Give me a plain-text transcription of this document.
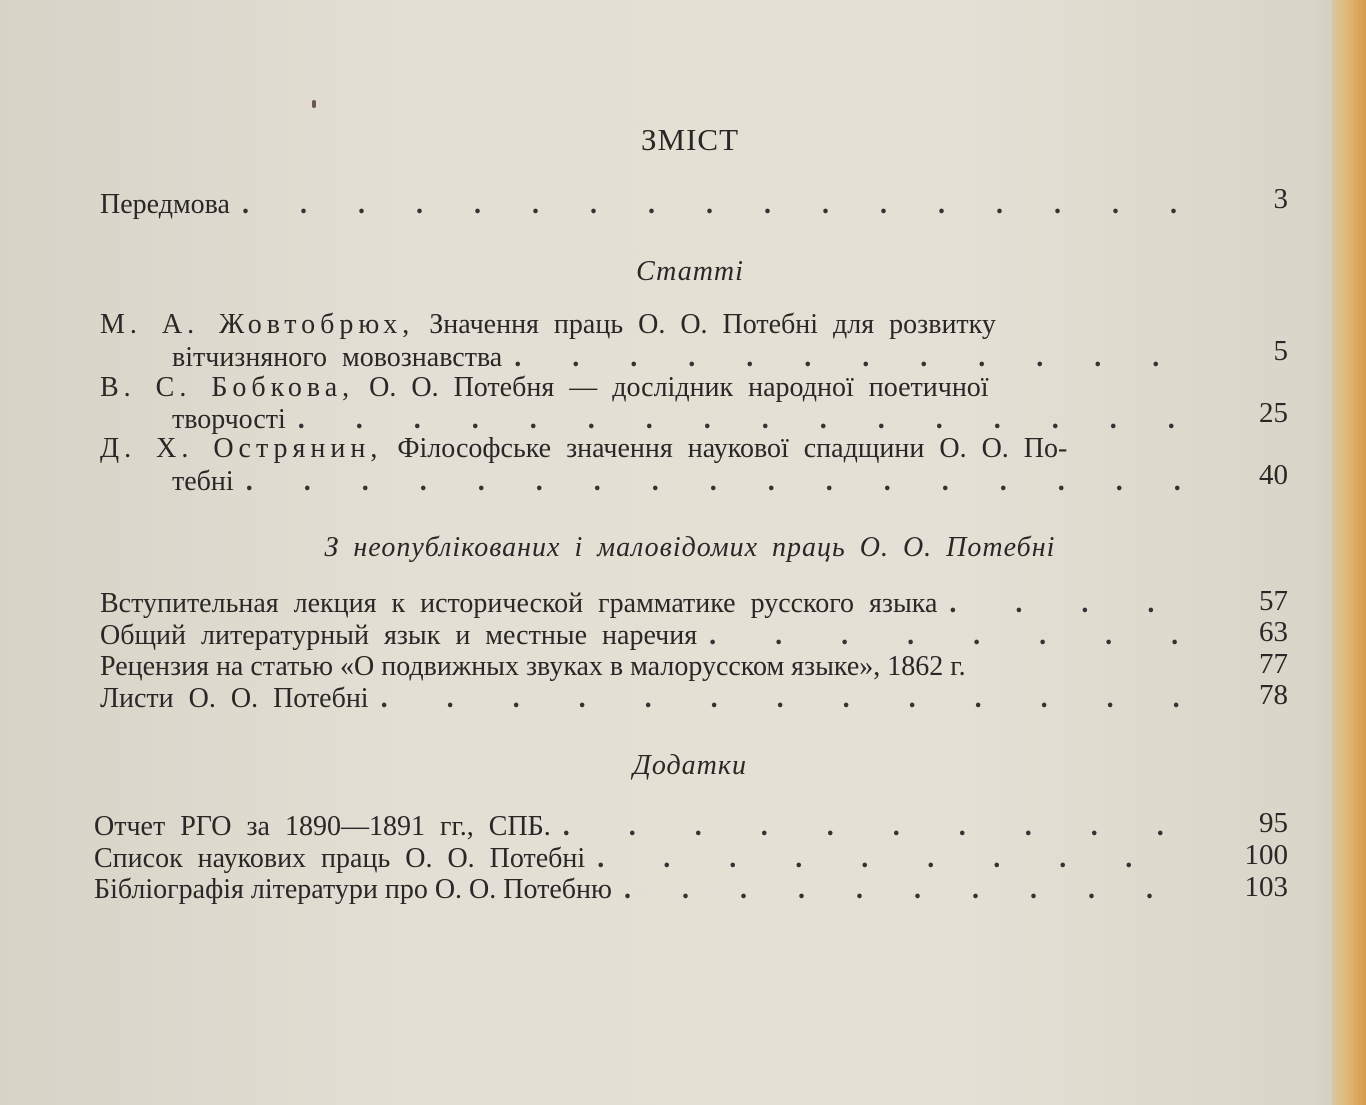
ЗМІСТ
Передмова . . .	3
Статті
М. А. Жовтобрюх, Значення праць О. О. Потебні для розвитку
вітчизняного мовознавства . . .	5
В. С. Бобкова, О. О. Потебня — дослідник народної поетичної
творчості . . .	25
Д. Х. Острянин, Філософське значення наукової спадщини О. О. По-
тебні . . .	40
З неопублікованих і маловідомих праць О. О. Потебні
Вступительная лекция к исторической грамматике русского языка . . .	57
Общий литературный язык и местные наречия . . .	63
Рецензия на статью «О подвижных звуках в малорусском языке», 1862 г.	77
Листи О. О. Потебні . . .	78
Додатки
Отчет РГО за 1890—1891 гг., СПБ. . . .	95
Список наукових праць О. О. Потебні . . .	100
Бібліографія літератури про О. О. Потебню . . .	103
